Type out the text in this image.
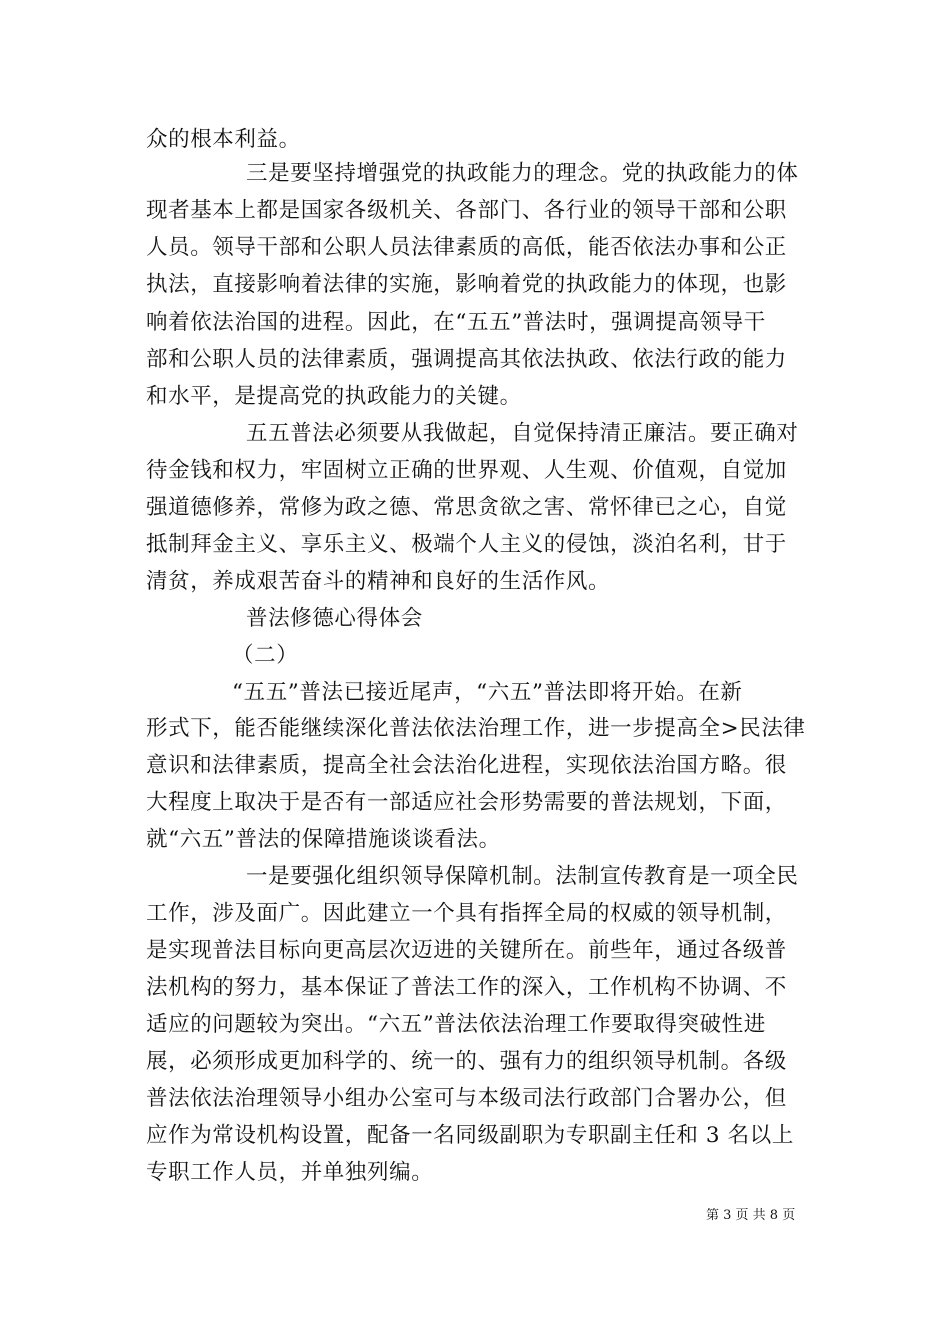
众的根本利益。
三是要坚持增强党的执政能力的理念。党的执政能力的体
现者基本上都是国家各级机关、各部门、各行业的领导干部和公职
人员。领导干部和公职人员法律素质的高低，能否依法办事和公正
执法，直接影响着法律的实施，影响着党的执政能力的体现，也影
响着依法治国的进程。因此，在“五五”普法时，强调提高领导干
部和公职人员的法律素质，强调提高其依法执政、依法行政的能力
和水平，是提高党的执政能力的关键。
五五普法必须要从我做起，自觉保持清正廉洁。要正确对
待金钱和权力，牢固树立正确的世界观、人生观、价值观，自觉加
强道德修养，常修为政之德、常思贪欲之害、常怀律已之心，自觉
抵制拜金主义、享乐主义、极端个人主义的侵蚀，淡泊名利，甘于
清贫，养成艰苦奋斗的精神和良好的生活作风。
普法修德心得体会
（二）
“五五”普法已接近尾声，“六五”普法即将开始。在新
形式下，能否能继续深化普法依法治理工作，进一步提高全>民法律
意识和法律素质，提高全社会法治化进程，实现依法治国方略。很
大程度上取决于是否有一部适应社会形势需要的普法规划，下面，
就“六五”普法的保障措施谈谈看法。
一是要强化组织领导保障机制。法制宣传教育是一项全民
工作，涉及面广。因此建立一个具有指挥全局的权威的领导机制，
是实现普法目标向更高层次迈进的关键所在。前些年，通过各级普
法机构的努力，基本保证了普法工作的深入，工作机构不协调、不
适应的问题较为突出。“六五”普法依法治理工作要取得突破性进
展，必须形成更加科学的、统一的、强有力的组织领导机制。各级
普法依法治理领导小组办公室可与本级司法行政部门合署办公，但
应作为常设机构设置，配备一名同级副职为专职副主任和 3 名以上
专职工作人员，并单独列编。
第 3 页 共 8 页
